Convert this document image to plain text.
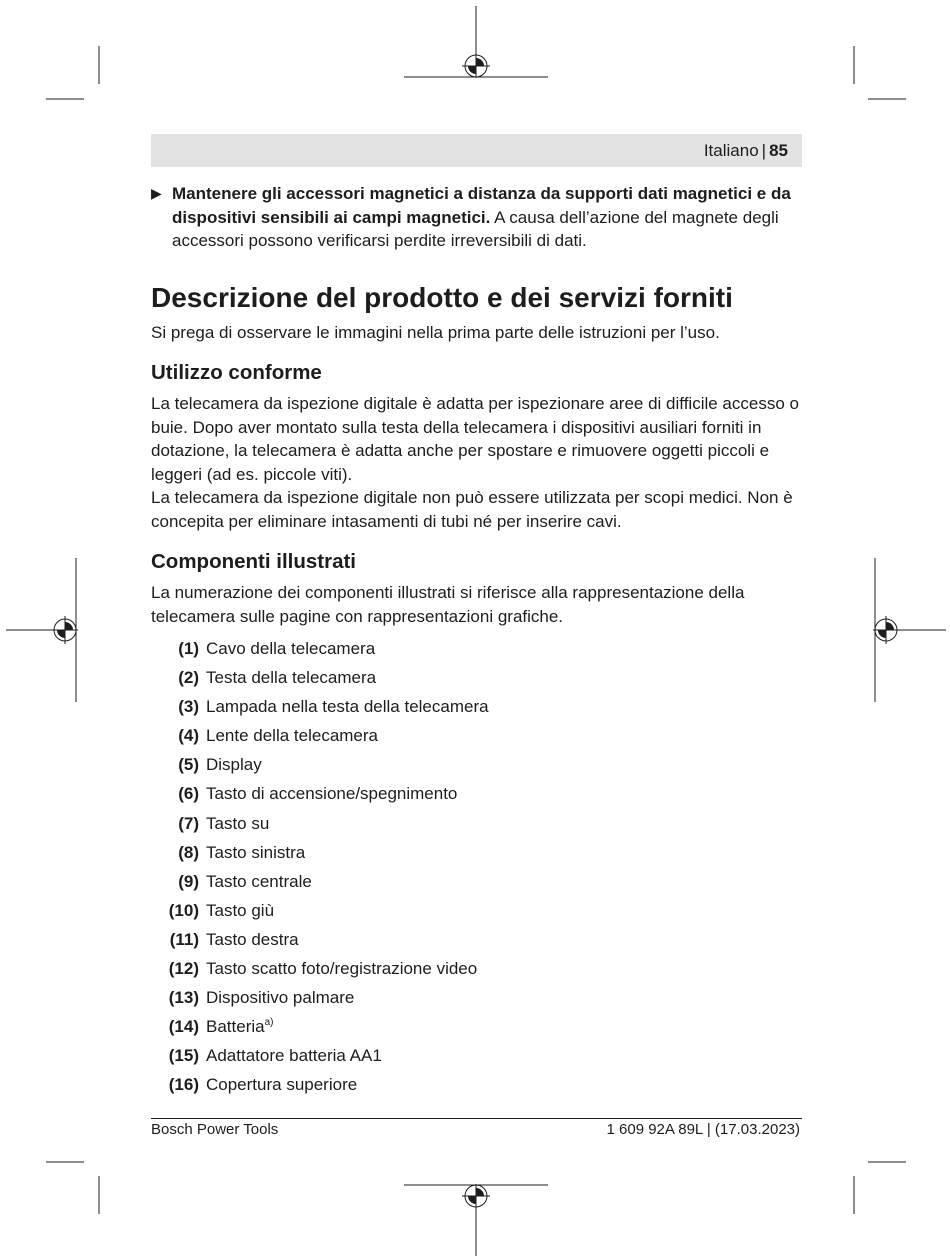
Italiano | 85
▶ Mantenere gli accessori magnetici a distanza da supporti dati magnetici e da dispositivi sensibili ai campi magnetici. A causa dell’azione del magnete degli accessori possono verificarsi perdite irreversibili di dati.
Descrizione del prodotto e dei servizi forniti

Si prega di osservare le immagini nella prima parte delle istruzioni per l’uso.

Utilizzo conforme

La telecamera da ispezione digitale è adatta per ispezionare aree di difficile accesso o buie. Dopo aver montato sulla testa della telecamera i dispositivi ausiliari forniti in dotazione, la telecamera è adatta anche per spostare e rimuovere oggetti piccoli e leggeri (ad es. piccole viti).

La telecamera da ispezione digitale non può essere utilizzata per scopi medici. Non è concepita per eliminare intasamenti di tubi né per inserire cavi.

Componenti illustrati

La numerazione dei componenti illustrati si riferisce alla rappresentazione della telecamera sulle pagine con rappresentazioni grafiche.

(1) Cavo della telecamera
(2) Testa della telecamera
(3) Lampada nella testa della telecamera
(4) Lente della telecamera
(5) Display
(6) Tasto di accensione/spegnimento
(7) Tasto su
(8) Tasto sinistra
(9) Tasto centrale
(10) Tasto giù
(11) Tasto destra
(12) Tasto scatto foto/registrazione video
(13) Dispositivo palmare
(14) Batteria$^{a)}$
(15) Adattatore batteria AA1
(16) Copertura superiore
Bosch Power Tools	1 609 92A 89L | (17.03.2023)
